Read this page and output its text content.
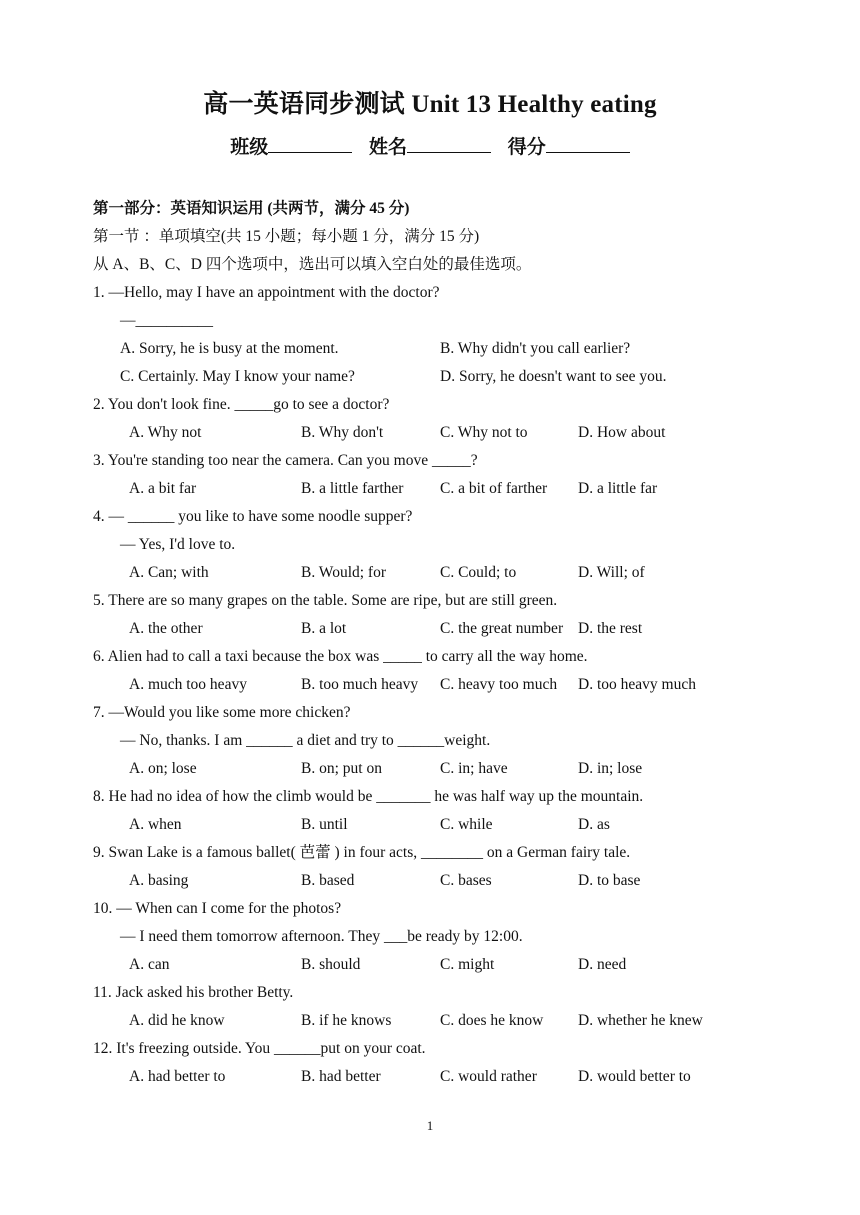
高一英语同步测试 Unit 13 Healthy eating
班级	姓名	得分
第一部分：英语知识运用 (共两节，满分 45 分)
第一节 ：单项填空(共 15 小题；每小题 1 分，满分 15 分)
从 A、B、C、D 四个选项中，选出可以填入空白处的最佳选项。
1. —Hello, may I have an appointment with the doctor?
—__________
A. Sorry, he is busy at the moment.	B. Why didn't you call earlier?
C. Certainly. May I know your name?	D. Sorry, he doesn't want to see you.
2. You don't look fine. _____go to see a doctor?
A. Why not	B. Why don't	C. Why not to	D. How about
3. You're standing too near the camera. Can you move _____?
A. a bit far	B. a little farther C. a bit of farther D. a little far
4. — ______ you like to have some noodle supper?
— Yes, I'd love to.
A. Can; with	B. Would; for	C. Could; to	D. Will; of
5. There are so many grapes on the table. Some are ripe, but are still green.
A. the other	B. a lot	C. the great number D. the rest
6. Alien had to call a taxi because the box was _____ to carry all the way home.
A. much too heavy	B. too much heavy C. heavy too much D. too heavy much
7. —Would you like some more chicken?
— No, thanks. I am ______ a diet and try to ______weight.
A. on; lose	B. on; put on	C. in; have	D. in; lose
8. He had no idea of how the climb would be _______ he was half way up the mountain.
A. when	B. until	C. while	D. as
9. Swan Lake is a famous ballet( 芭蕾 ) in four acts, ________ on a German fairy tale.
A. basing	B. based	C. bases	D. to base
10. — When can I come for the photos?
— I need them tomorrow afternoon. They ___be ready by 12:00.
A. can	B. should	C. might	D. need
11. Jack asked his brother Betty.
A. did he know	B. if he knows	C. does he know D. whether he knew
12. It's freezing outside. You ______put on your coat.
A. had better to	B. had better	C. would rather	D. would better to
1
